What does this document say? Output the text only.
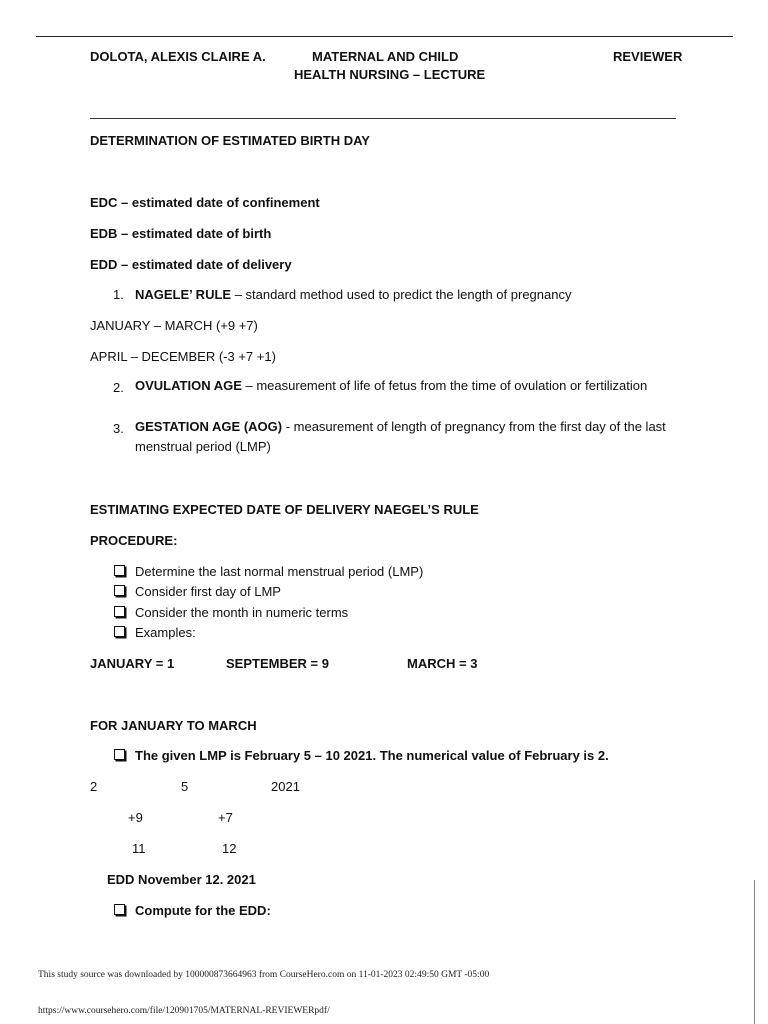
DOLOTA, ALEXIS CLAIRE A.	MATERNAL AND CHILD
HEALTH NURSING – LECTURE
REVIEWER
DETERMINATION OF ESTIMATED BIRTH DAY
EDC – estimated date of confinement
EDB – estimated date of birth
EDD – estimated date of delivery
1. NAGELE’ RULE – standard method used to predict the length of pregnancy
JANUARY – MARCH (+9 +7)
APRIL – DECEMBER (-3 +7 +1)
2. OVULATION AGE – measurement of life of fetus from the time of ovulation or fertilization
3. GESTATION AGE (AOG) - measurement of length of pregnancy from the first day of the last menstrual period (LMP)
ESTIMATING EXPECTED DATE OF DELIVERY NAEGEL’S RULE
PROCEDURE:
Determine the last normal menstrual period (LMP)
Consider first day of LMP
Consider the month in numeric terms
Examples:
JANUARY = 1	SEPTEMBER = 9	MARCH = 3
FOR JANUARY TO MARCH
The given LMP is February 5 – 10 2021. The numerical value of February is 2.
2	5	2021
+9	+7
11	12
EDD November 12. 2021
Compute for the EDD:
This study source was downloaded by 100000873664963 from CourseHero.com on 11-01-2023 02:49:50 GMT -05:00
https://www.coursehero.com/file/120901705/MATERNAL-REVIEWERpdf/
